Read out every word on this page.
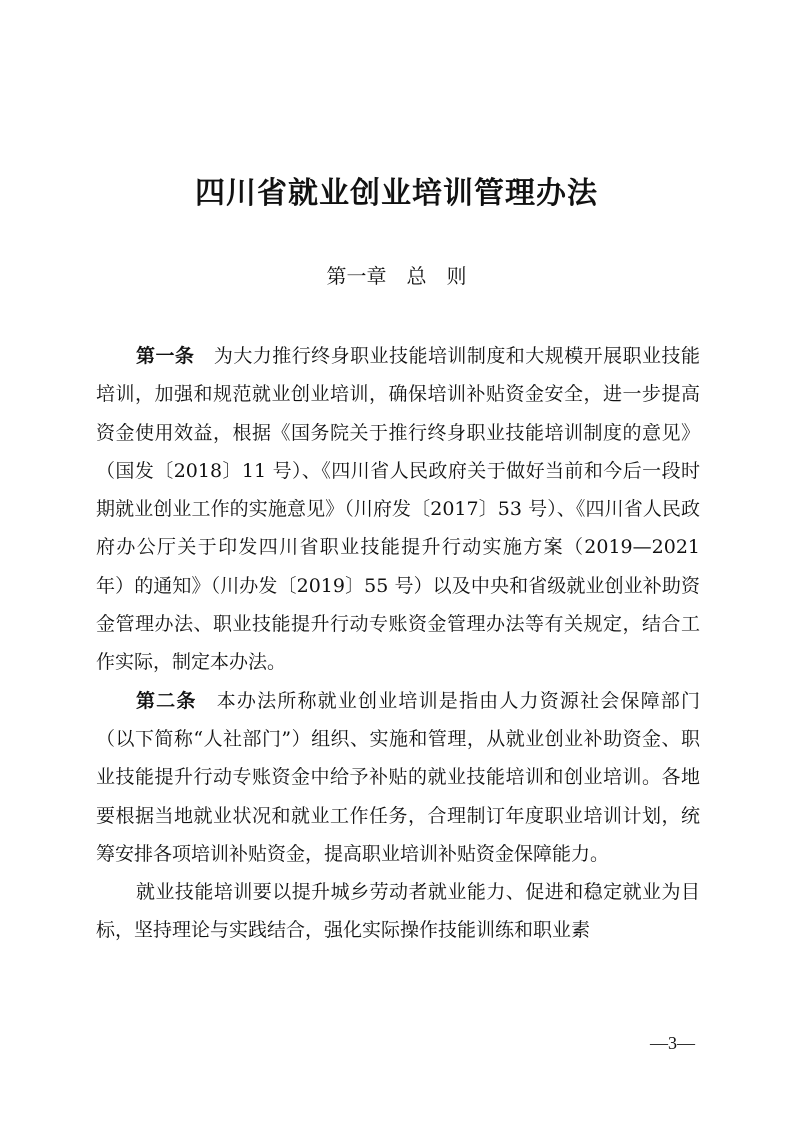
四川省就业创业培训管理办法
第一章　总　则

第一条　为大力推行终身职业技能培训制度和大规模开展职业技能培训，加强和规范就业创业培训，确保培训补贴资金安全，进一步提高资金使用效益，根据《国务院关于推行终身职业技能培训制度的意见》（国发〔2018〕11 号）、《四川省人民政府关于做好当前和今后一段时期就业创业工作的实施意见》（川府发〔2017〕53 号）、《四川省人民政府办公厅关于印发四川省职业技能提升行动实施方案（2019—2021 年）的通知》（川办发〔2019〕55 号）以及中央和省级就业创业补助资金管理办法、职业技能提升行动专账资金管理办法等有关规定，结合工作实际，制定本办法。

第二条　本办法所称就业创业培训是指由人力资源社会保障部门（以下简称“人社部门”）组织、实施和管理，从就业创业补助资金、职业技能提升行动专账资金中给予补贴的就业技能培训和创业培训。各地要根据当地就业状况和就业工作任务，合理制订年度职业培训计划，统筹安排各项培训补贴资金，提高职业培训补贴资金保障能力。

就业技能培训要以提升城乡劳动者就业能力、促进和稳定就业为目标，坚持理论与实践结合，强化实际操作技能训练和职业素

—3—
